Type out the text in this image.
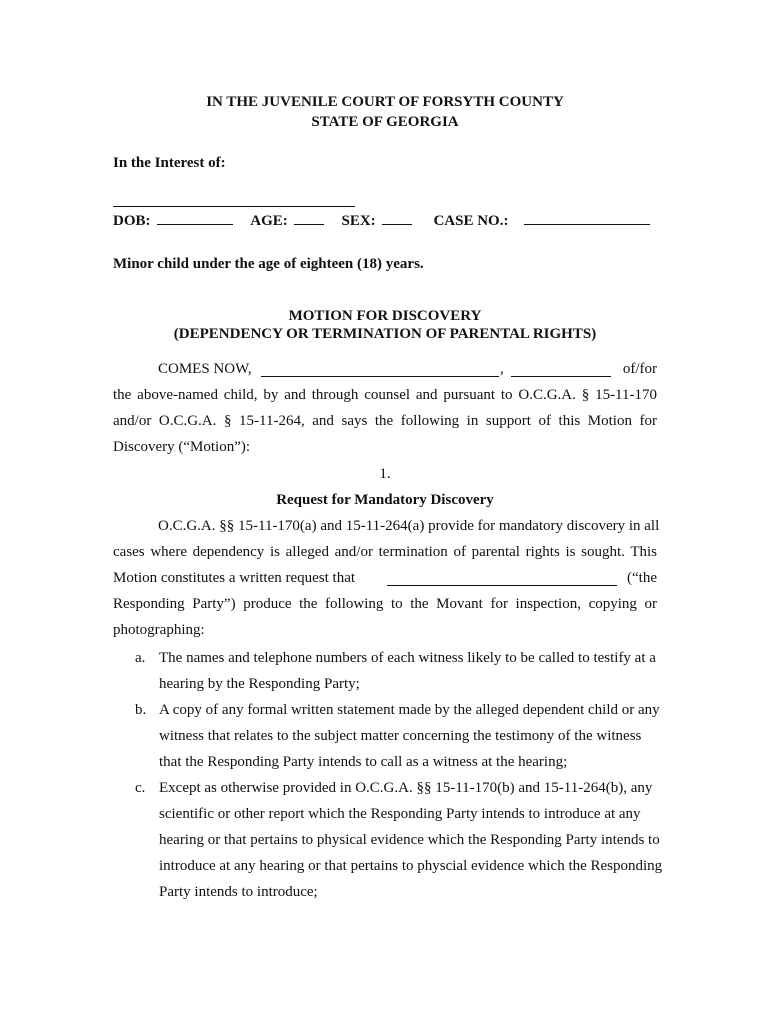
IN THE JUVENILE COURT OF FORSYTH COUNTY
STATE OF GEORGIA
In the Interest of:
DOB:	AGE:	SEX:	CASE NO.:
Minor child under the age of eighteen (18) years.
MOTION FOR DISCOVERY
(DEPENDENCY OR TERMINATION OF PARENTAL RIGHTS)
COMES NOW,	,	of/for
the above-named child, by and through counsel and pursuant to O.C.G.A. § 15-11-170
and/or O.C.G.A. § 15-11-264, and says the following in support of this Motion for
Discovery (“Motion”):
1.
Request for Mandatory Discovery
O.C.G.A. §§ 15-11-170(a) and 15-11-264(a) provide for mandatory discovery in all
cases where dependency is alleged and/or termination of parental rights is sought. This
Motion constitutes a written request that	(“the
Responding Party”) produce the following to the Movant for inspection, copying or
photographing:
a. The names and telephone numbers of each witness likely to be called to testify at a
hearing by the Responding Party;
b. A copy of any formal written statement made by the alleged dependent child or any
witness that relates to the subject matter concerning the testimony of the witness
that the Responding Party intends to call as a witness at the hearing;
c. Except as otherwise provided in O.C.G.A. §§ 15-11-170(b) and 15-11-264(b), any
scientific or other report which the Responding Party intends to introduce at any
hearing or that pertains to physical evidence which the Responding Party intends to
introduce at any hearing or that pertains to physcial evidence which the Responding
Party intends to introduce;
